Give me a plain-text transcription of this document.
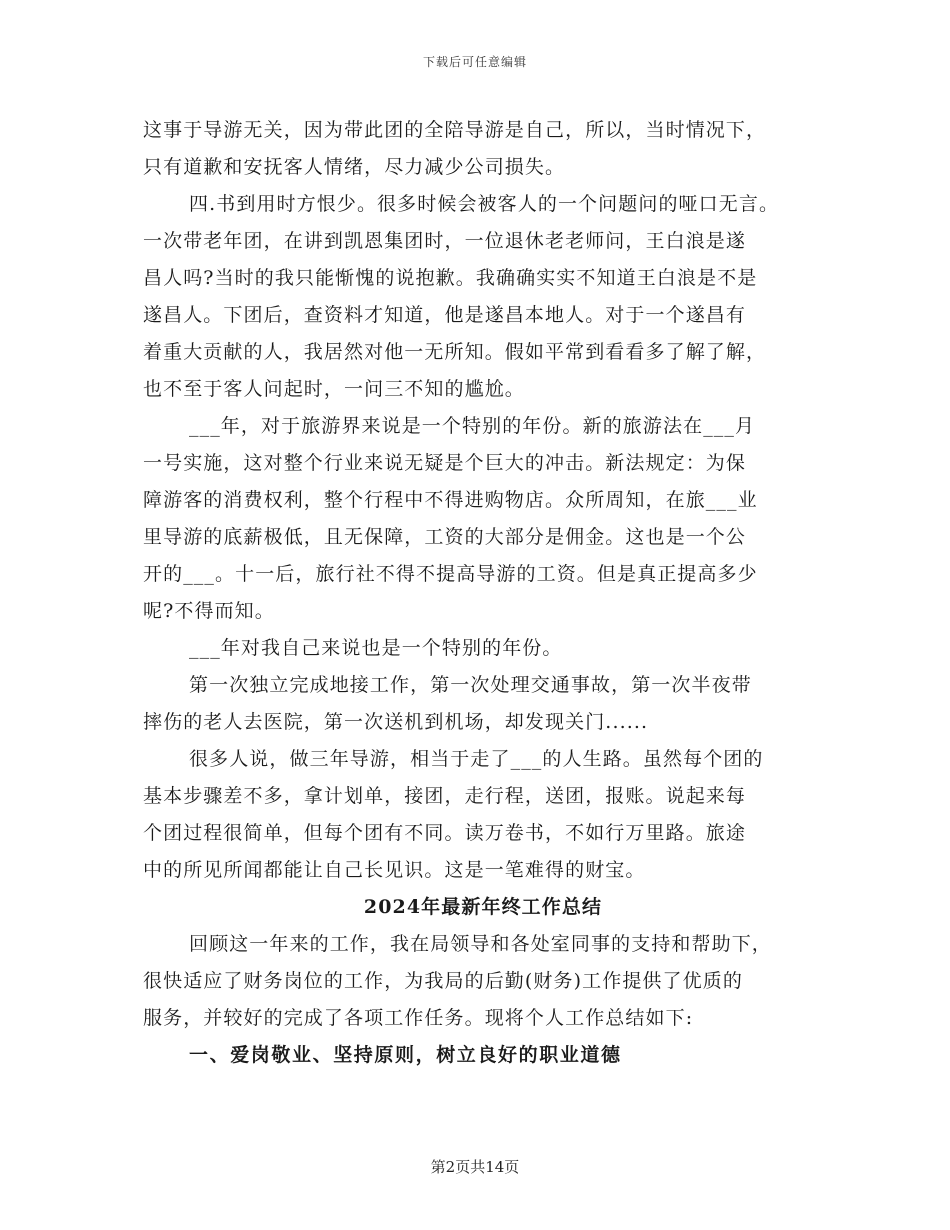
下载后可任意编辑
这事于导游无关，因为带此团的全陪导游是自己，所以，当时情况下，
只有道歉和安抚客人情绪，尽力减少公司损失。
四.书到用时方恨少。很多时候会被客人的一个问题问的哑口无言。
一次带老年团，在讲到凯恩集团时，一位退休老老师问，王白浪是遂
昌人吗?当时的我只能惭愧的说抱歉。我确确实实不知道王白浪是不是
遂昌人。下团后，查资料才知道，他是遂昌本地人。对于一个遂昌有
着重大贡献的人，我居然对他一无所知。假如平常到看看多了解了解，
也不至于客人问起时，一问三不知的尴尬。
___年，对于旅游界来说是一个特别的年份。新的旅游法在___月
一号实施，这对整个行业来说无疑是个巨大的冲击。新法规定：为保
障游客的消费权利，整个行程中不得进购物店。众所周知，在旅___业
里导游的底薪极低，且无保障，工资的大部分是佣金。这也是一个公
开的___。十一后，旅行社不得不提高导游的工资。但是真正提高多少
呢?不得而知。
___年对我自己来说也是一个特别的年份。
第一次独立完成地接工作，第一次处理交通事故，第一次半夜带
摔伤的老人去医院，第一次送机到机场，却发现关门......
很多人说，做三年导游，相当于走了___的人生路。虽然每个团的
基本步骤差不多，拿计划单，接团，走行程，送团，报账。说起来每
个团过程很简单，但每个团有不同。读万卷书，不如行万里路。旅途
中的所见所闻都能让自己长见识。这是一笔难得的财宝。
2024年最新年终工作总结
回顾这一年来的工作，我在局领导和各处室同事的支持和帮助下，
很快适应了财务岗位的工作，为我局的后勤(财务)工作提供了优质的
服务，并较好的完成了各项工作任务。现将个人工作总结如下:
一、爱岗敬业、坚持原则，树立良好的职业道德
第2页共14页
